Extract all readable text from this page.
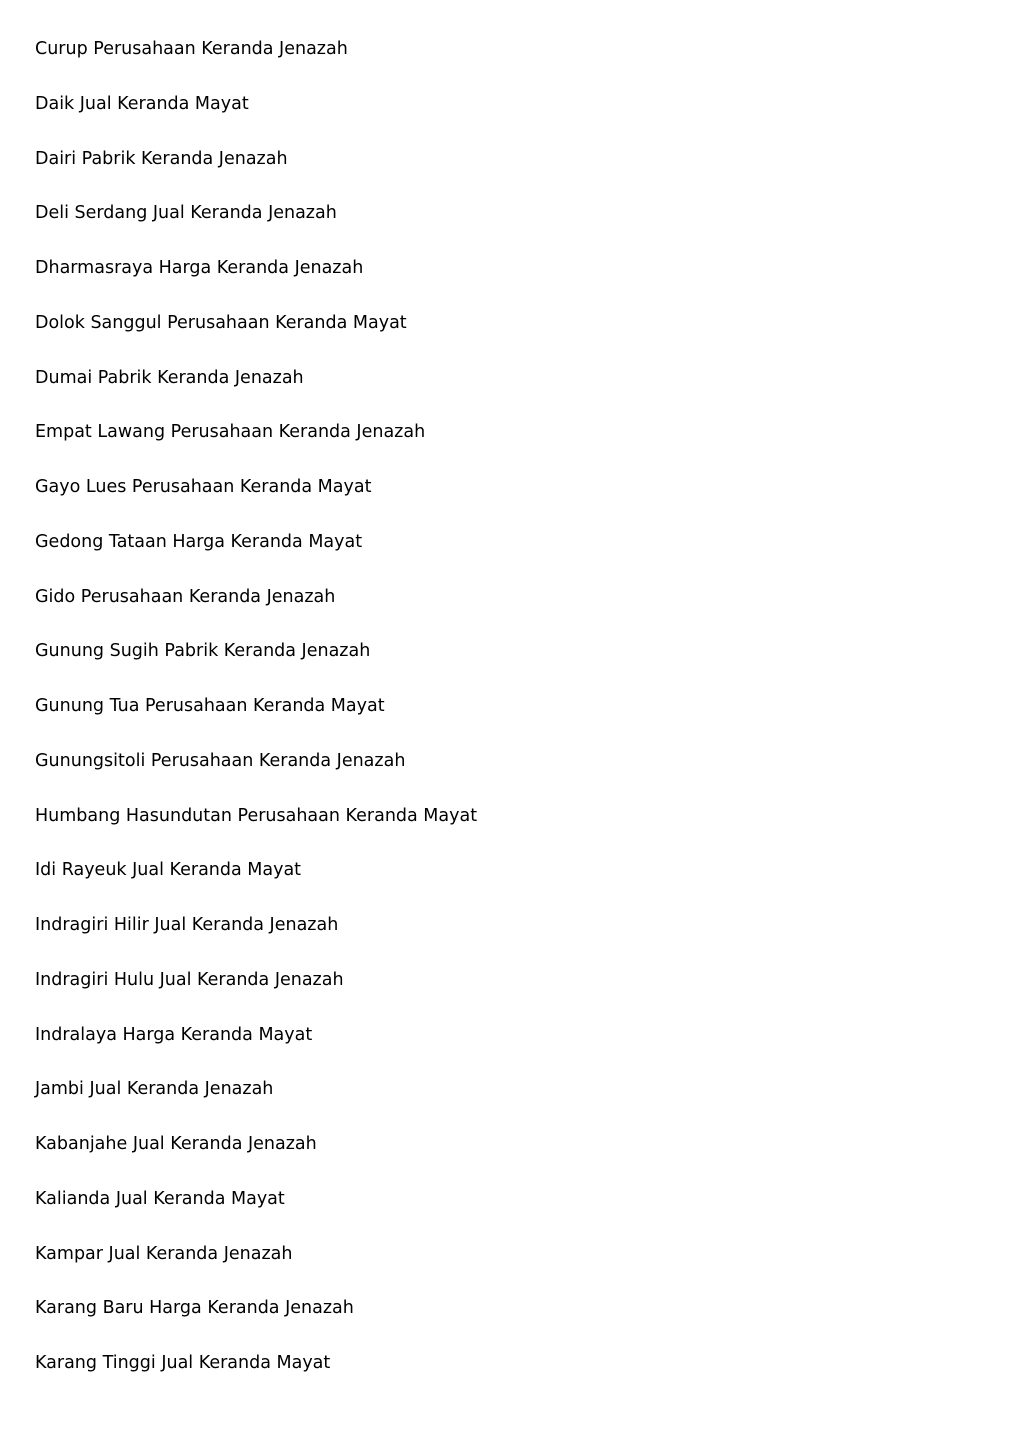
Curup Perusahaan Keranda Jenazah
Daik Jual Keranda Mayat
Dairi Pabrik Keranda Jenazah
Deli Serdang Jual Keranda Jenazah
Dharmasraya Harga Keranda Jenazah
Dolok Sanggul Perusahaan Keranda Mayat
Dumai Pabrik Keranda Jenazah
Empat Lawang Perusahaan Keranda Jenazah
Gayo Lues Perusahaan Keranda Mayat
Gedong Tataan Harga Keranda Mayat
Gido Perusahaan Keranda Jenazah
Gunung Sugih Pabrik Keranda Jenazah
Gunung Tua Perusahaan Keranda Mayat
Gunungsitoli Perusahaan Keranda Jenazah
Humbang Hasundutan Perusahaan Keranda Mayat
Idi Rayeuk Jual Keranda Mayat
Indragiri Hilir Jual Keranda Jenazah
Indragiri Hulu Jual Keranda Jenazah
Indralaya Harga Keranda Mayat
Jambi Jual Keranda Jenazah
Kabanjahe Jual Keranda Jenazah
Kalianda Jual Keranda Mayat
Kampar Jual Keranda Jenazah
Karang Baru Harga Keranda Jenazah
Karang Tinggi Jual Keranda Mayat
